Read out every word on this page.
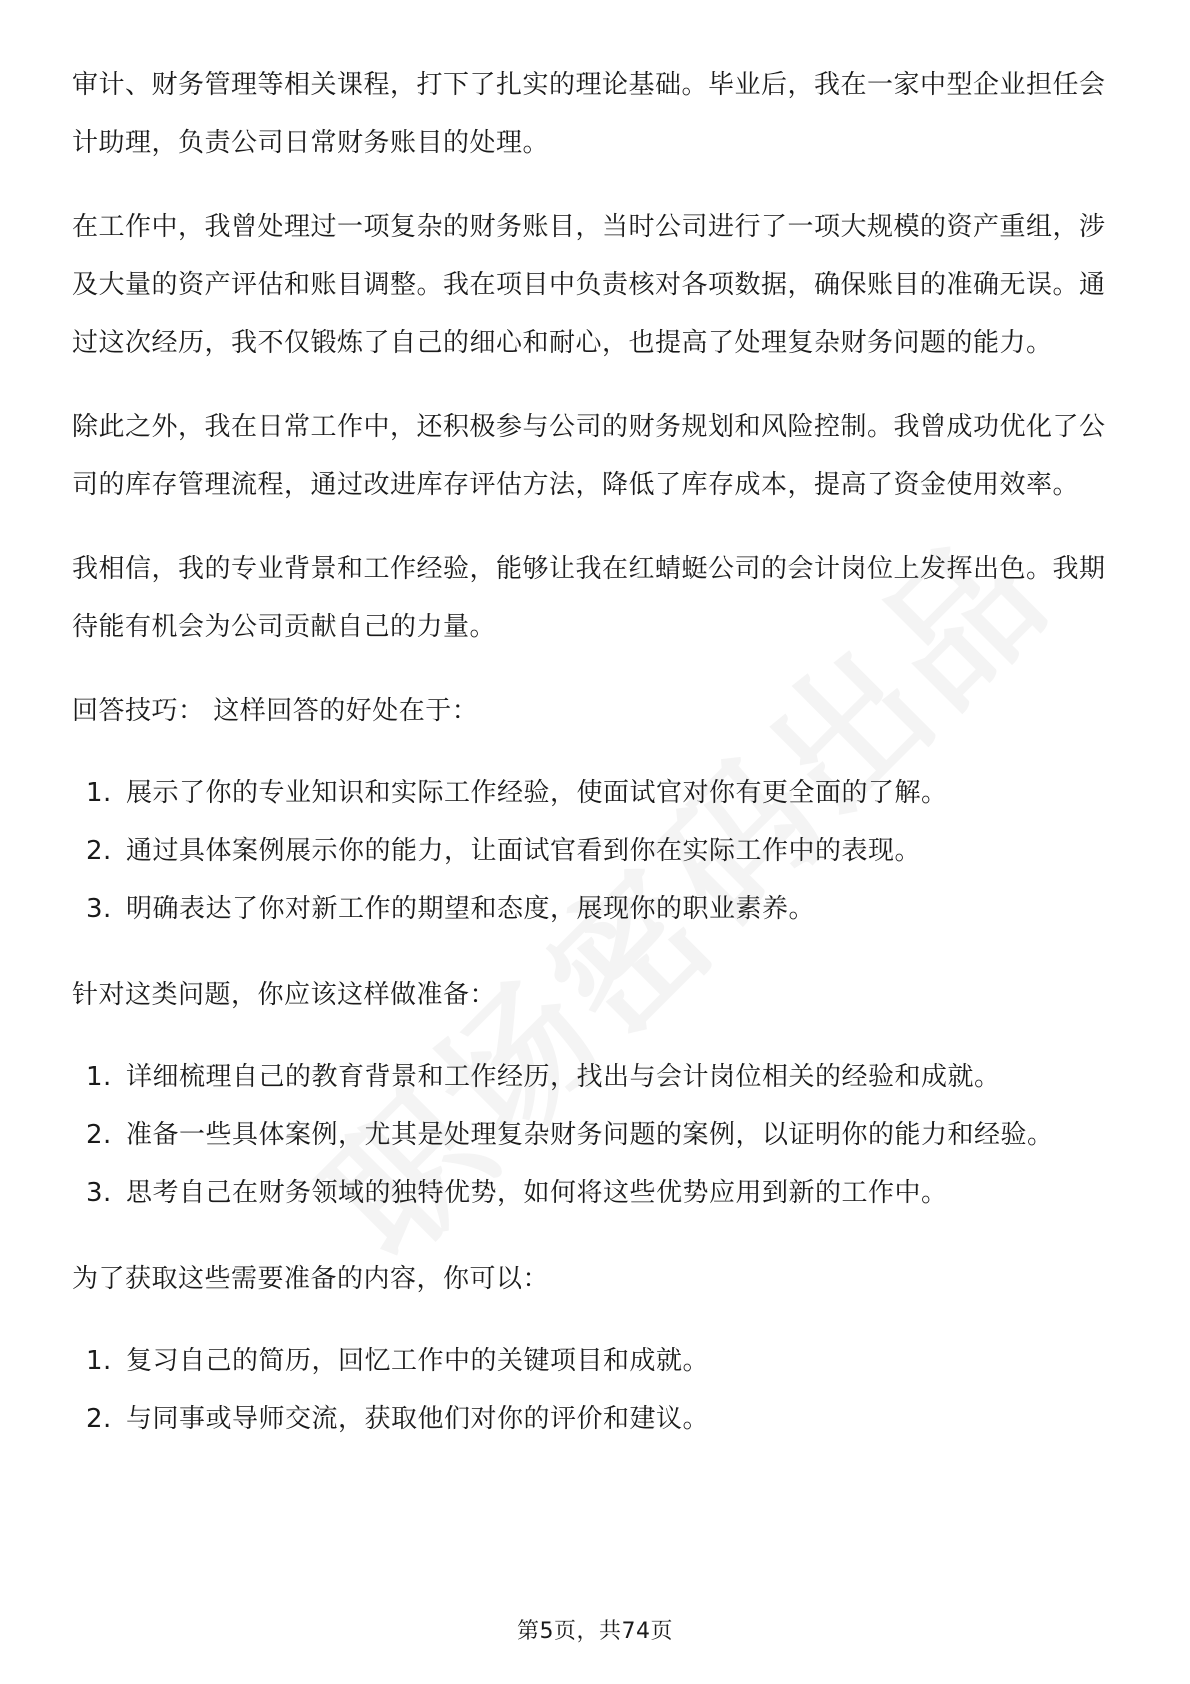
审计、财务管理等相关课程，打下了扎实的理论基础。毕业后，我在一家中型企业担任会计助理，负责公司日常财务账目的处理。

在工作中，我曾处理过一项复杂的财务账目，当时公司进行了一项大规模的资产重组，涉及大量的资产评估和账目调整。我在项目中负责核对各项数据，确保账目的准确无误。通过这次经历，我不仅锻炼了自己的细心和耐心，也提高了处理复杂财务问题的能力。

除此之外，我在日常工作中，还积极参与公司的财务规划和风险控制。我曾成功优化了公司的库存管理流程，通过改进库存评估方法，降低了库存成本，提高了资金使用效率。

我相信，我的专业背景和工作经验，能够让我在红蜻蜓公司的会计岗位上发挥出色。我期待能有机会为公司贡献自己的力量。

回答技巧： 这样回答的好处在于：

1. 展示了你的专业知识和实际工作经验，使面试官对你有更全面的了解。
2. 通过具体案例展示你的能力，让面试官看到你在实际工作中的表现。
3. 明确表达了你对新工作的期望和态度，展现你的职业素养。

针对这类问题，你应该这样做准备：

1. 详细梳理自己的教育背景和工作经历，找出与会计岗位相关的经验和成就。
2. 准备一些具体案例，尤其是处理复杂财务问题的案例，以证明你的能力和经验。
3. 思考自己在财务领域的独特优势，如何将这些优势应用到新的工作中。

为了获取这些需要准备的内容，你可以：

1. 复习自己的简历，回忆工作中的关键项目和成就。
2. 与同事或导师交流，获取他们对你的评价和建议。
第5页，共74页
